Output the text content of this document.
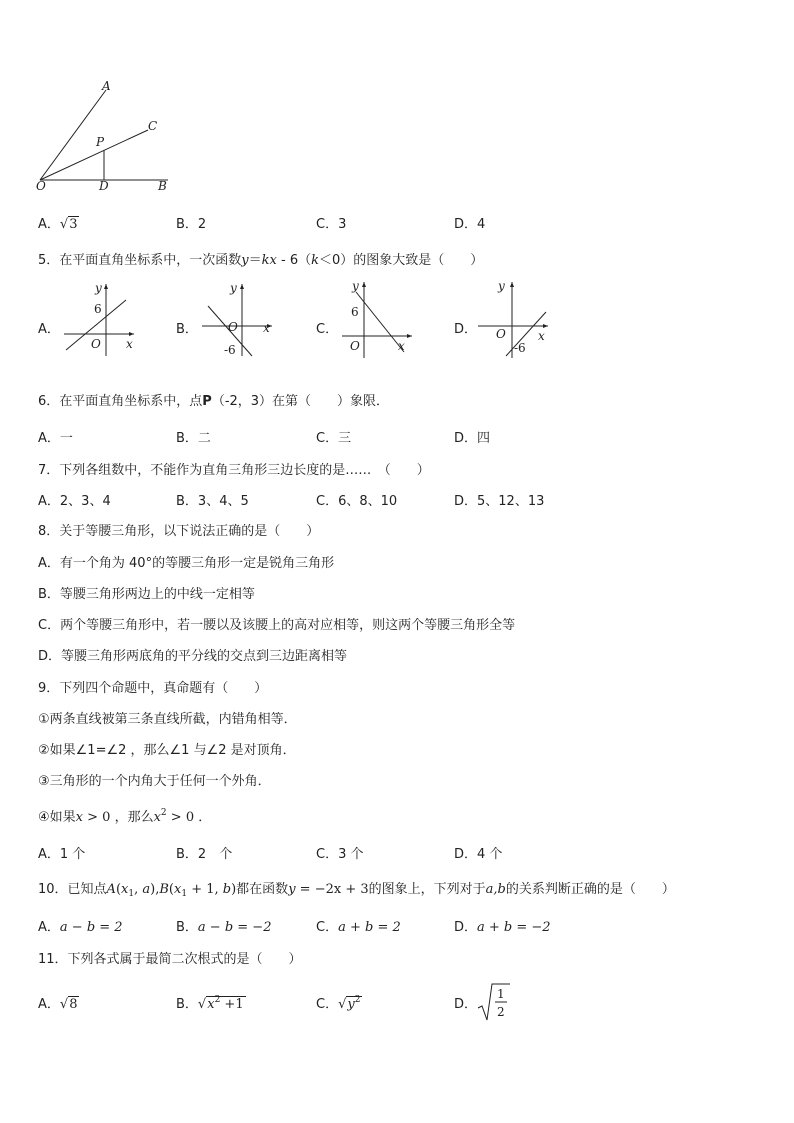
A
C
P
O	D	B
A．√3	B．2	C．3	D．4
5．在平面直角坐标系中，一次函数y＝kx - 6（k＜0）的图象大致是（　　）
A．
y
x
O
6
B．
y
x
O
-6
C．
y
x
O
6
D．
y
x
O
-6
6．在平面直角坐标系中，点P（-2，3）在第（　　）象限．
A．一	B．二	C．三	D．四
7．下列各组数中，不能作为直角三角形三边长度的是……　（　　）
A．2、3、4	B．3、4、5	C．6、8、10	D．5、12、13
8．关于等腰三角形，以下说法正确的是（　　）
A．有一个角为 40°的等腰三角形一定是锐角三角形
B．等腰三角形两边上的中线一定相等
C．两个等腰三角形中，若一腰以及该腰上的高对应相等，则这两个等腰三角形全等
D．等腰三角形两底角的平分线的交点到三边距离相等
9．下列四个命题中，真命题有（　　）
①两条直线被第三条直线所截，内错角相等．
②如果∠1=∠2 ，那么∠1 与∠2 是对顶角．
③三角形的一个内角大于任何一个外角．
④如果x > 0 ，那么$x^2 > 0$ ．
A．1 个	B．2　个	C．3 个	D．4 个
10．已知点$A(x_1$, $a),B(x_1 + 1$, b)都在函数y = −2x + 3的图象上，下列对于a,b的关系判断正确的是（　　）
A．a − b = 2	B．a − b = −2	C．a + b = 2	D．a + b = −2
11．下列各式属于最简二次根式的是（　　）
A．√8	B．$√x^2 +1$	C．$√y^2$	D．
1
2
